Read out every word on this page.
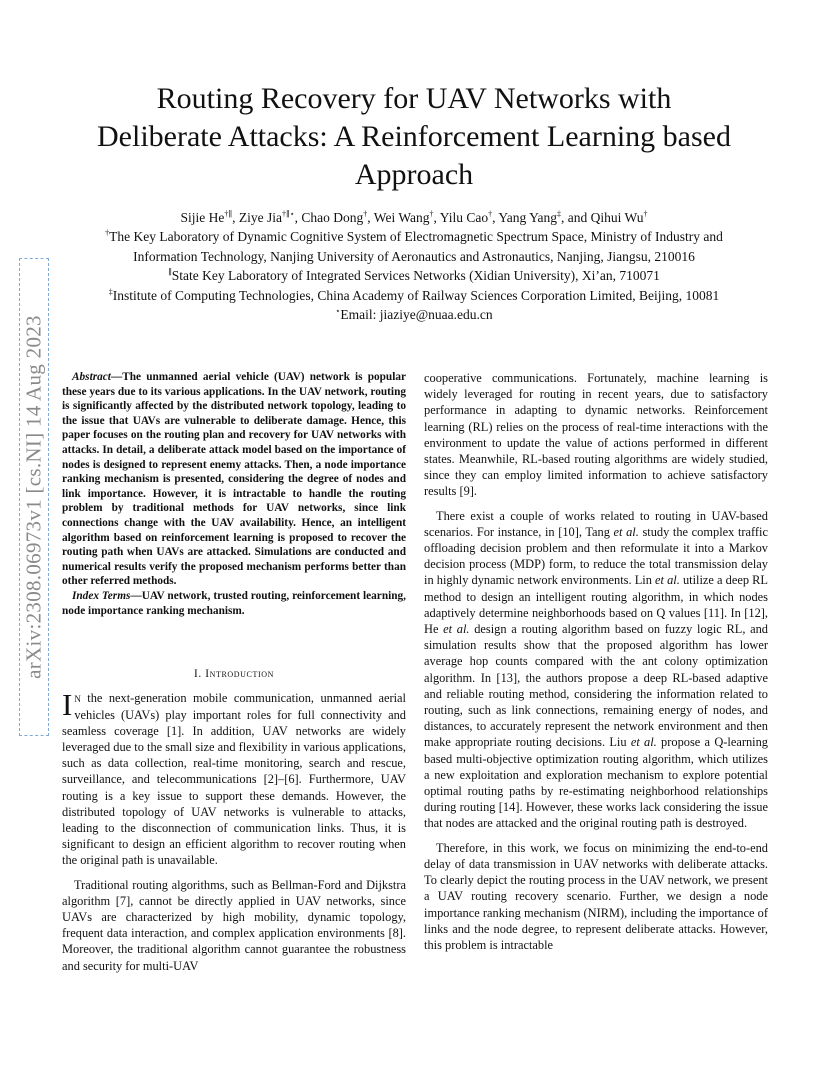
arXiv:2308.06973v1 [cs.NI] 14 Aug 2023
Routing Recovery for UAV Networks with
Deliberate Attacks: A Reinforcement Learning based
Approach
Sijie He†∥, Ziye Jia†∥⋆, Chao Dong†, Wei Wang†, Yilu Cao†, Yang Yang‡, and Qihui Wu†
†The Key Laboratory of Dynamic Cognitive System of Electromagnetic Spectrum Space, Ministry of Industry and
Information Technology, Nanjing University of Aeronautics and Astronautics, Nanjing, Jiangsu, 210016
∥State Key Laboratory of Integrated Services Networks (Xidian University), Xi’an, 710071
‡Institute of Computing Technologies, China Academy of Railway Sciences Corporation Limited, Beijing, 10081
⋆Email: jiaziye@nuaa.edu.cn

Abstract—The unmanned aerial vehicle (UAV) network is popular these years due to its various applications. In the UAV network, routing is significantly affected by the distributed network topology, leading to the issue that UAVs are vulnerable to deliberate damage. Hence, this paper focuses on the routing plan and recovery for UAV networks with attacks. In detail, a deliberate attack model based on the importance of nodes is designed to represent enemy attacks. Then, a node importance ranking mechanism is presented, considering the degree of nodes and link importance. However, it is intractable to handle the routing problem by traditional methods for UAV networks, since link connections change with the UAV availability. Hence, an intelligent algorithm based on reinforcement learning is proposed to recover the routing path when UAVs are attacked. Simulations are conducted and numerical results verify the proposed mechanism performs better than other referred methods.

Index Terms—UAV network, trusted routing, reinforcement learning, node importance ranking mechanism.

I. Introduction

In the next-generation mobile communication, unmanned aerial vehicles (UAVs) play important roles for full connectivity and seamless coverage [1]. In addition, UAV networks are widely leveraged due to the small size and flexibility in various applications, such as data collection, real-time monitoring, search and rescue, surveillance, and telecommunications [2]–[6]. Furthermore, UAV routing is a key issue to support these demands. However, the distributed topology of UAV networks is vulnerable to attacks, leading to the disconnection of communication links. Thus, it is significant to design an efficient algorithm to recover routing when the original path is unavailable.

Traditional routing algorithms, such as Bellman-Ford and Dijkstra algorithm [7], cannot be directly applied in UAV networks, since UAVs are characterized by high mobility, dynamic topology, frequent data interaction, and complex application environments [8]. Moreover, the traditional algorithm cannot guarantee the robustness and security for multi-UAV

cooperative communications. Fortunately, machine learning is widely leveraged for routing in recent years, due to satisfactory performance in adapting to dynamic networks. Reinforcement learning (RL) relies on the process of real-time interactions with the environment to update the value of actions performed in different states. Meanwhile, RL-based routing algorithms are widely studied, since they can employ limited information to achieve satisfactory results [9].

There exist a couple of works related to routing in UAV-based scenarios. For instance, in [10], Tang et al. study the complex traffic offloading decision problem and then reformulate it into a Markov decision process (MDP) form, to reduce the total transmission delay in highly dynamic network environments. Lin et al. utilize a deep RL method to design an intelligent routing algorithm, in which nodes adaptively determine neighborhoods based on Q values [11]. In [12], He et al. design a routing algorithm based on fuzzy logic RL, and simulation results show that the proposed algorithm has lower average hop counts compared with the ant colony optimization algorithm. In [13], the authors propose a deep RL-based adaptive and reliable routing method, considering the information related to routing, such as link connections, remaining energy of nodes, and distances, to accurately represent the network environment and then make appropriate routing decisions. Liu et al. propose a Q-learning based multi-objective optimization routing algorithm, which utilizes a new exploitation and exploration mechanism to explore potential optimal routing paths by re-estimating neighborhood relationships during routing [14]. However, these works lack considering the issue that nodes are attacked and the original routing path is destroyed.

Therefore, in this work, we focus on minimizing the end-to-end delay of data transmission in UAV networks with deliberate attacks. To clearly depict the routing process in the UAV network, we present a UAV routing recovery scenario. Further, we design a node importance ranking mechanism (NIRM), including the importance of links and the node degree, to represent deliberate attacks. However, this problem is intractable
